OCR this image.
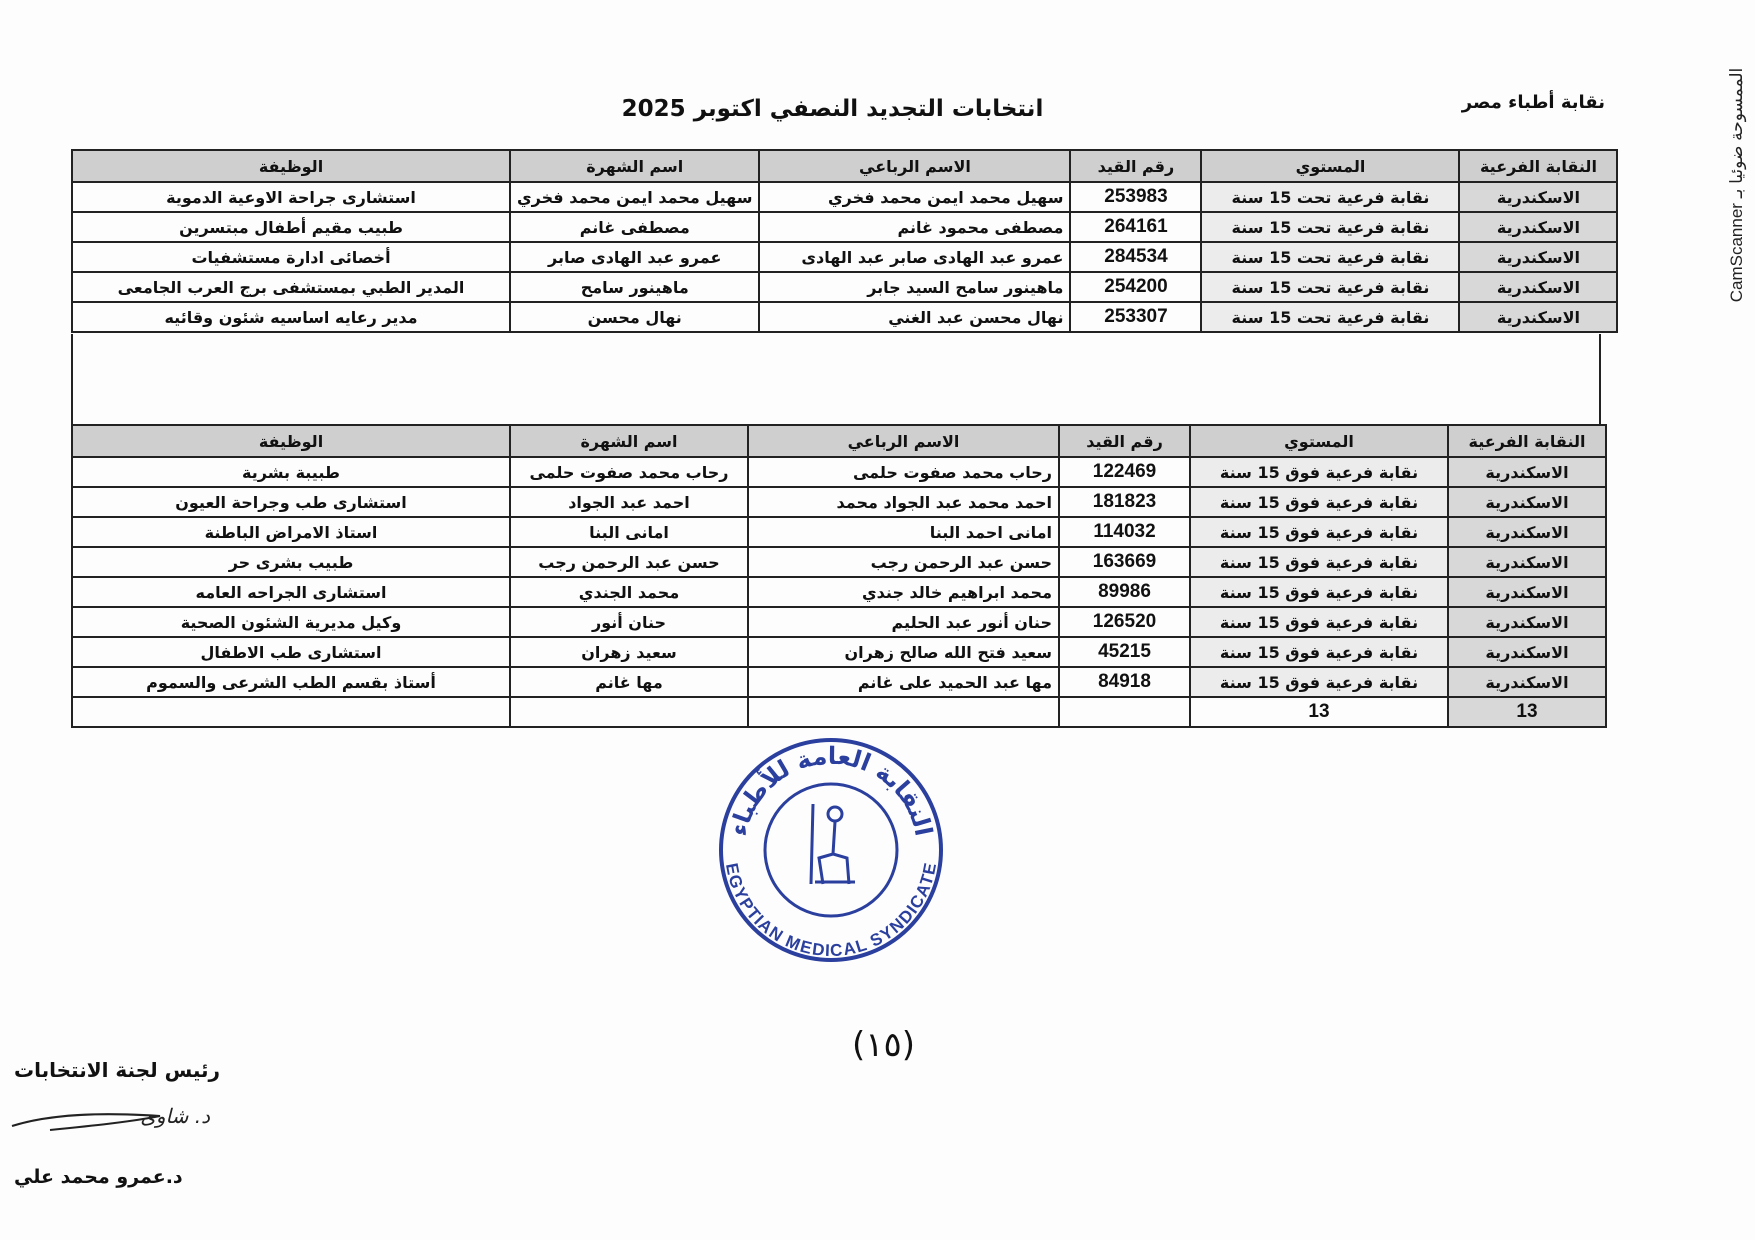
نقابة أطباء مصر
انتخابات التجديد النصفي اكتوبر 2025
الممسوحة ضوئيا بـ CamScanner
النقابة الفرعية	المستوي	رقم القيد	الاسم الرباعي	اسم الشهرة	الوظيفة
الاسكندرية	نقابة فرعية تحت 15 سنة	253983	سهيل محمد ايمن محمد فخري	سهيل محمد ايمن محمد فخري	استشارى جراحة الاوعية الدموية
الاسكندرية	نقابة فرعية تحت 15 سنة	264161	مصطفى محمود غانم	مصطفى غانم	طبيب مقيم أطفال مبتسرين
الاسكندرية	نقابة فرعية تحت 15 سنة	284534	عمرو عبد الهادى صابر عبد الهادى	عمرو عبد الهادى صابر	أخصائى ادارة مستشفيات
الاسكندرية	نقابة فرعية تحت 15 سنة	254200	ماهينور سامح السيد جابر	ماهينور سامح	المدير الطبي بمستشفى برج العرب الجامعى
الاسكندرية	نقابة فرعية تحت 15 سنة	253307	نهال محسن عبد الغني	نهال محسن	مدير رعايه اساسيه شئون وقائيه
النقابة الفرعية	المستوي	رقم القيد	الاسم الرباعي	اسم الشهرة	الوظيفة
الاسكندرية	نقابة فرعية فوق 15 سنة	122469	رحاب محمد صفوت حلمى	رحاب محمد صفوت حلمى	طبيبة بشرية
الاسكندرية	نقابة فرعية فوق 15 سنة	181823	احمد محمد عبد الجواد محمد	احمد عبد الجواد	استشارى طب وجراحة العيون
الاسكندرية	نقابة فرعية فوق 15 سنة	114032	امانى احمد البنا	امانى البنا	استاذ الامراض الباطنة
الاسكندرية	نقابة فرعية فوق 15 سنة	163669	حسن عبد الرحمن رجب	حسن عبد الرحمن رجب	طبيب بشرى حر
الاسكندرية	نقابة فرعية فوق 15 سنة	89986	محمد ابراهيم خالد جندي	محمد الجندي	استشارى الجراحه العامه
الاسكندرية	نقابة فرعية فوق 15 سنة	126520	حنان أنور عبد الحليم	حنان أنور	وكيل مديرية الشئون الصحية
الاسكندرية	نقابة فرعية فوق 15 سنة	45215	سعيد فتح الله صالح زهران	سعيد زهران	استشارى طب الاطفال
الاسكندرية	نقابة فرعية فوق 15 سنة	84918	مها عبد الحميد على غانم	مها غانم	أستاذ بقسم الطب الشرعى والسموم
13	13				
النقابة العامة للأطباء
EGYPTIAN MEDICAL SYNDICATE
(١٥)
رئيس لجنة الانتخابات
د. شاوى
د.عمرو محمد علي
